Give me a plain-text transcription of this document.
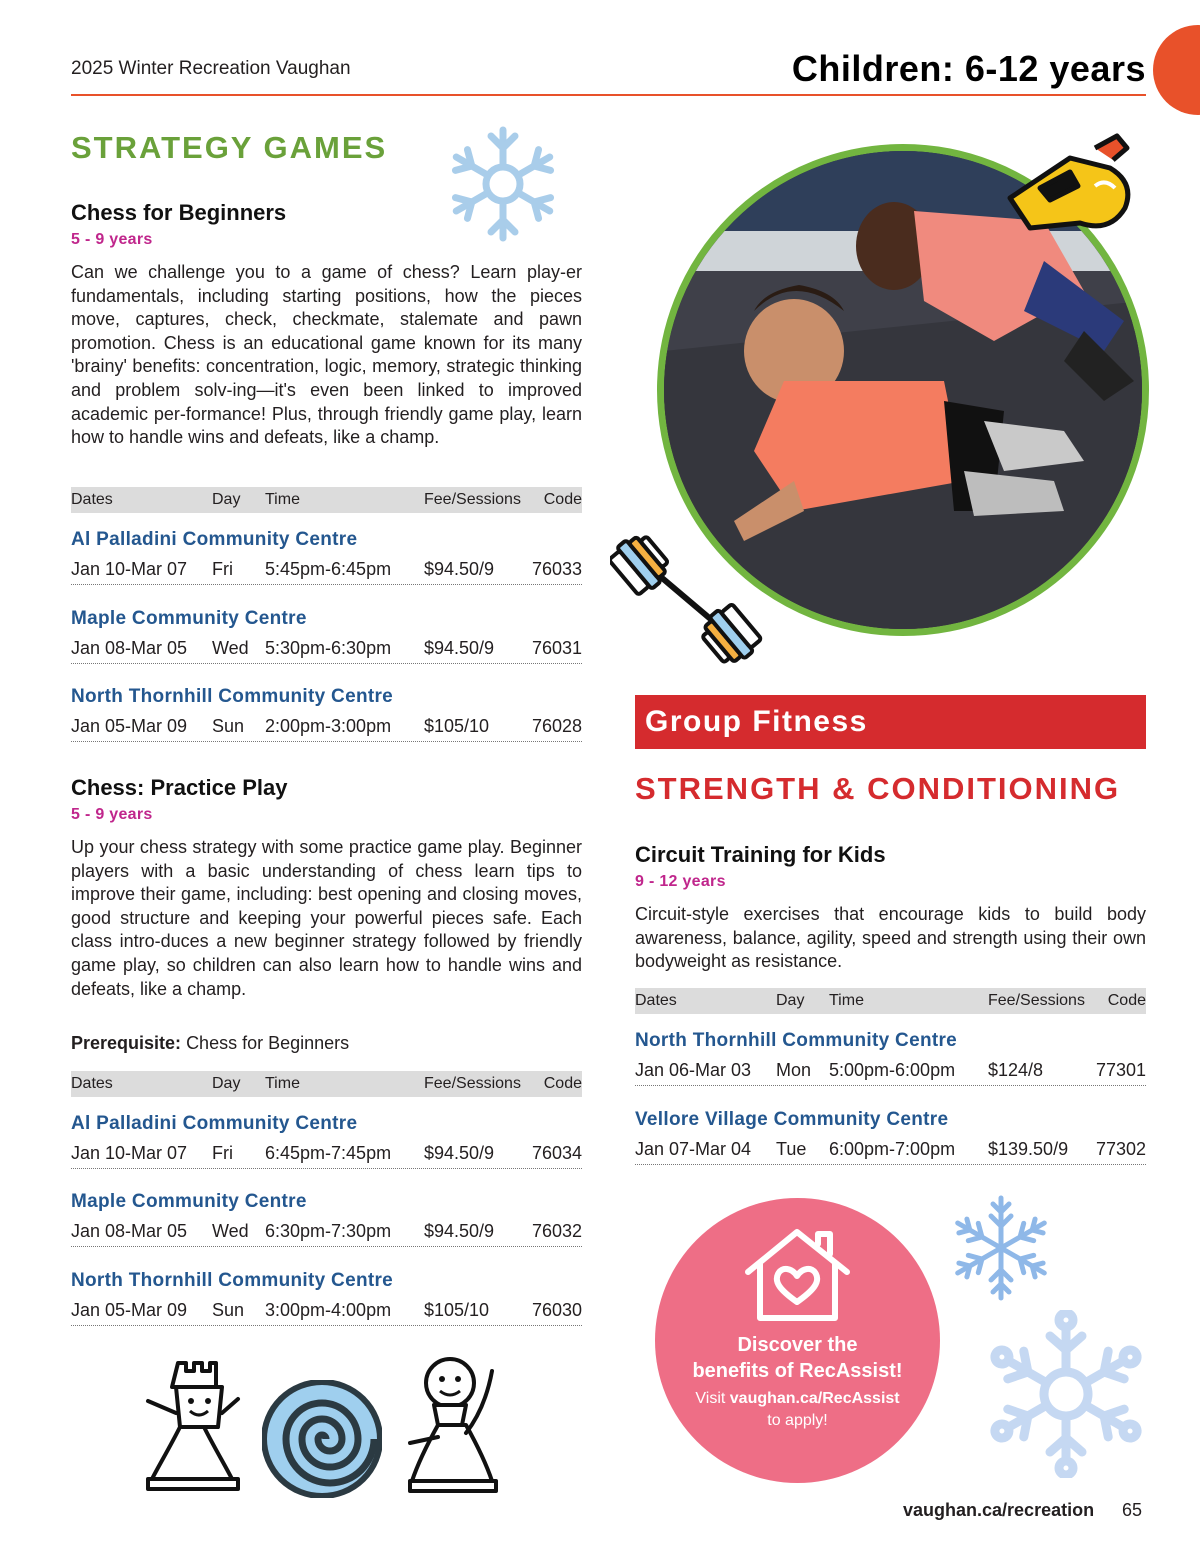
2025 Winter Recreation Vaughan	Children: 6-12 years
STRATEGY GAMES
Chess for Beginners
5 - 9 years
Can we challenge you to a game of chess? Learn play-er fundamentals, including starting positions, how the pieces move, captures, check, checkmate, stalemate and pawn promotion. Chess is an educational game known for its many 'brainy' benefits: concentration, logic, memory, strategic thinking and problem solv-ing—it's even been linked to improved academic per-formance! Plus, through friendly game play, learn how to handle wins and defeats, like a champ.
Dates	Day Time	Fee/Sessions Code
Al Palladini Community Centre
Jan 10-Mar 07 Fri 5:45pm-6:45pm $94.50/9 76033
Maple Community Centre
Jan 08-Mar 05 Wed 5:30pm-6:30pm $94.50/9 76031
North Thornhill Community Centre
Jan 05-Mar 09 Sun 2:00pm-3:00pm $105/10 76028
Chess: Practice Play
5 - 9 years
Up your chess strategy with some practice game play. Beginner players with a basic understanding of chess learn tips to improve their game, including: best opening and closing moves, good structure and keeping your powerful pieces safe. Each class intro-duces a new beginner strategy followed by friendly game play, so children can also learn how to handle wins and defeats, like a champ.
Prerequisite: Chess for Beginners
Dates	Day Time	Fee/Sessions Code
Al Palladini Community Centre
Jan 10-Mar 07 Fri 6:45pm-7:45pm $94.50/9 76034
Maple Community Centre
Jan 08-Mar 05 Wed 6:30pm-7:30pm $94.50/9 76032
North Thornhill Community Centre
Jan 05-Mar 09 Sun 3:00pm-4:00pm $105/10 76030
Group Fitness
STRENGTH & CONDITIONING
Circuit Training for Kids
9 - 12 years
Circuit-style exercises that encourage kids to build body awareness, balance, agility, speed and strength using their own bodyweight as resistance.
Dates	Day Time	Fee/Sessions Code
North Thornhill Community Centre
Jan 06-Mar 03 Mon 5:00pm-6:00pm $124/8	77301
Vellore Village Community Centre
Jan 07-Mar 04 Tue 6:00pm-7:00pm $139.50/9 77302
Discover the
benefits of RecAssist!
Visit vaughan.ca/RecAssist
to apply!
vaughan.ca/recreation 65
